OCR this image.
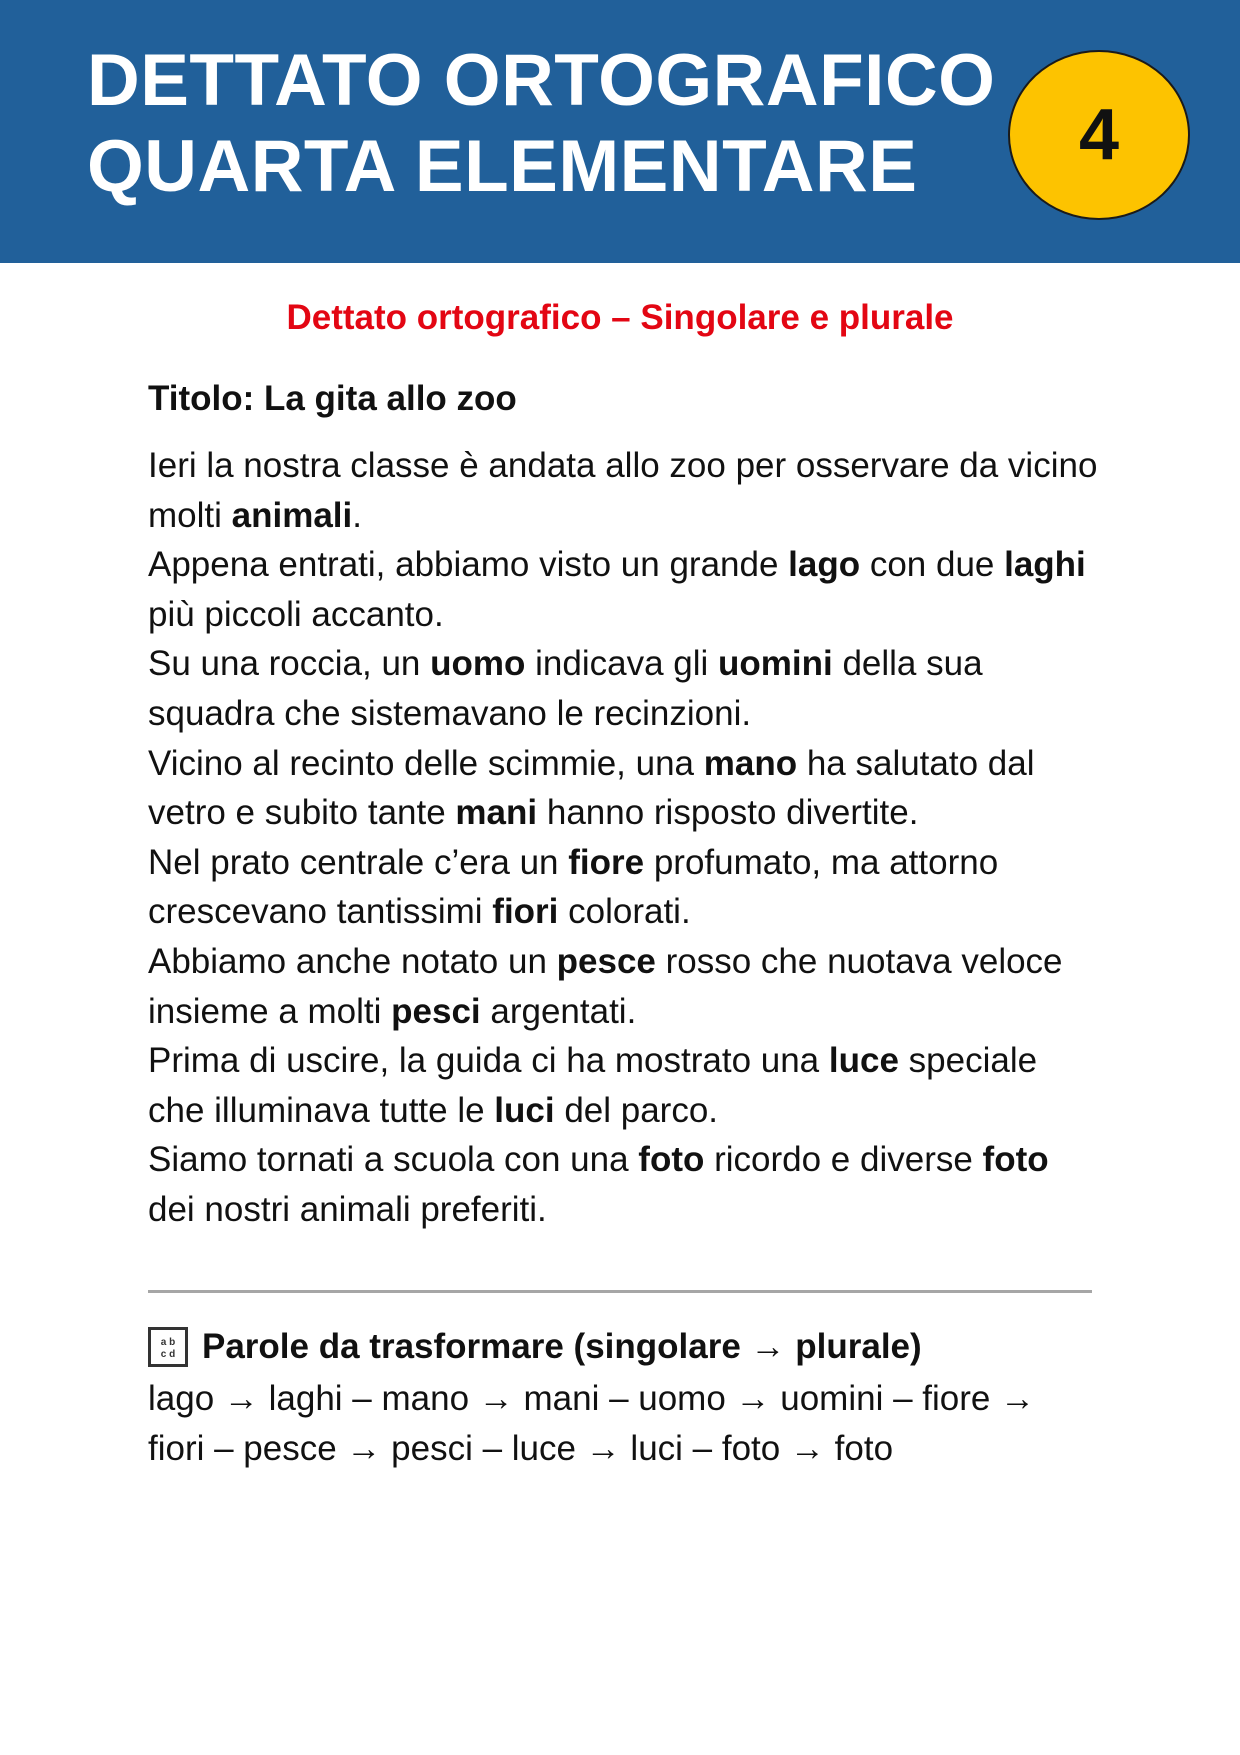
DETTATO ORTOGRAFICO
QUARTA ELEMENTARE	4
Dettato ortografico – Singolare e plurale
Titolo: La gita allo zoo
Ieri la nostra classe è andata allo zoo per osservare da vicino molti animali.
Appena entrati, abbiamo visto un grande lago con due laghi più piccoli accanto.
Su una roccia, un uomo indicava gli uomini della sua squadra che sistemavano le recinzioni.
Vicino al recinto delle scimmie, una mano ha salutato dal vetro e subito tante mani hanno risposto divertite.
Nel prato centrale c’era un fiore profumato, ma attorno crescevano tantissimi fiori colorati.
Abbiamo anche notato un pesce rosso che nuotava veloce insieme a molti pesci argentati.
Prima di uscire, la guida ci ha mostrato una luce speciale che illuminava tutte le luci del parco.
Siamo tornati a scuola con una foto ricordo e diverse foto dei nostri animali preferiti.
a b
c d Parole da trasformare (singolare → plurale)
lago → laghi – mano → mani – uomo → uomini – fiore → fiori – pesce → pesci – luce → luci – foto → foto
